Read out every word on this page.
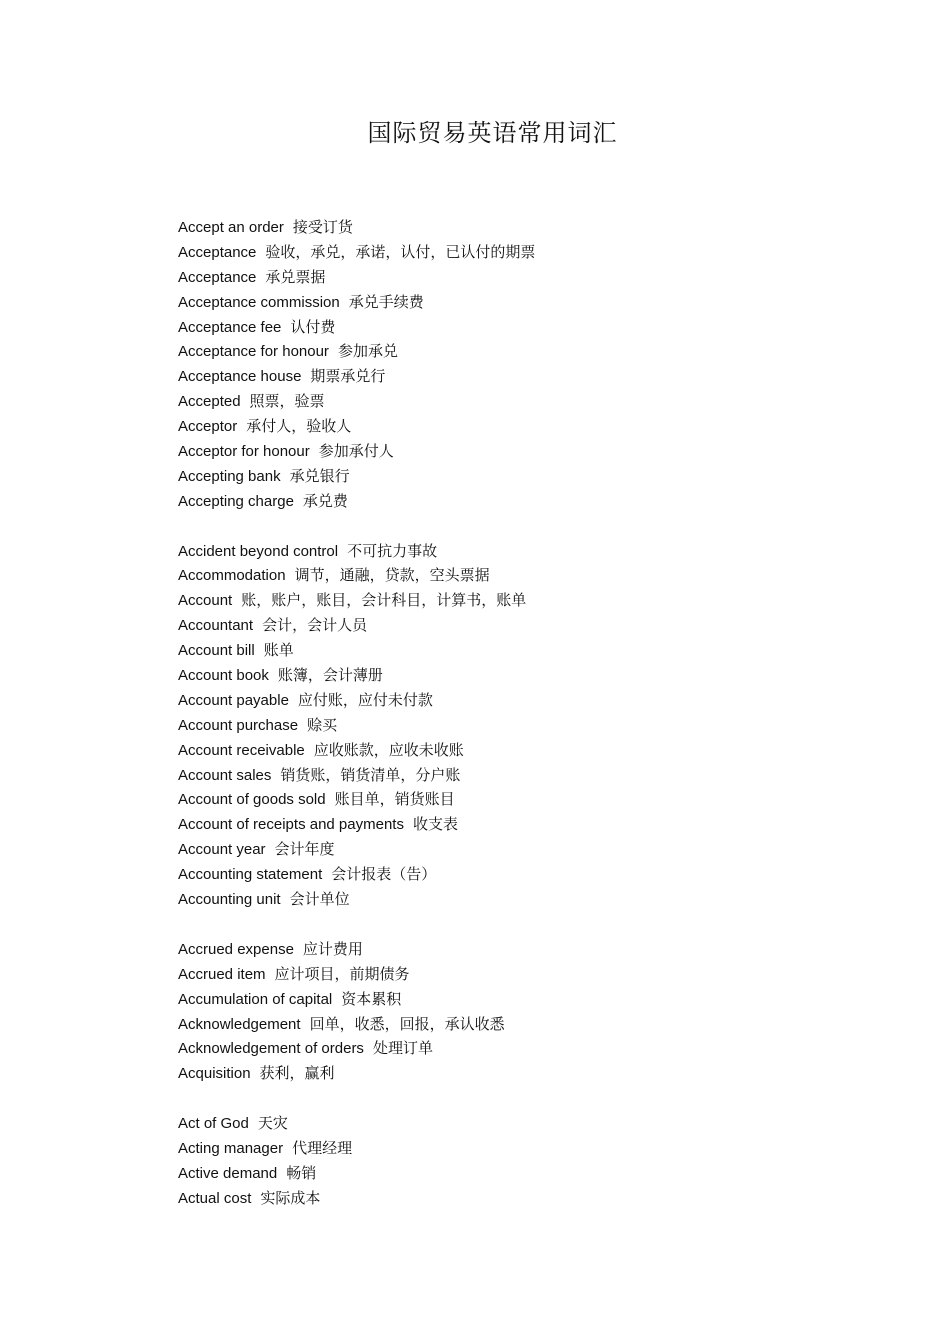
国际贸易英语常用词汇
Accept an order 接受订货
Acceptance 验收，承兑，承诺，认付，已认付的期票
Acceptance 承兑票据
Acceptance commission 承兑手续费
Acceptance fee 认付费
Acceptance for honour 参加承兑
Acceptance house 期票承兑行
Accepted 照票，验票
Acceptor 承付人，验收人
Acceptor for honour 参加承付人
Accepting bank 承兑银行
Accepting charge 承兑费
Accident beyond control 不可抗力事故
Accommodation 调节，通融，贷款，空头票据
Account 账，账户，账目，会计科目，计算书，账单
Accountant 会计，会计人员
Account bill 账单
Account book 账簿，会计薄册
Account payable 应付账，应付未付款
Account purchase 赊买
Account receivable 应收账款，应收未收账
Account sales 销货账，销货清单，分户账
Account of goods sold 账目单，销货账目
Account of receipts and payments 收支表
Account year 会计年度
Accounting statement 会计报表（告）
Accounting unit 会计单位
Accrued expense 应计费用
Accrued item 应计项目，前期债务
Accumulation of capital 资本累积
Acknowledgement 回单，收悉，回报，承认收悉
Acknowledgement of orders 处理订单
Acquisition 获利，赢利
Act of God 天灾
Acting manager 代理经理
Active demand 畅销
Actual cost 实际成本
